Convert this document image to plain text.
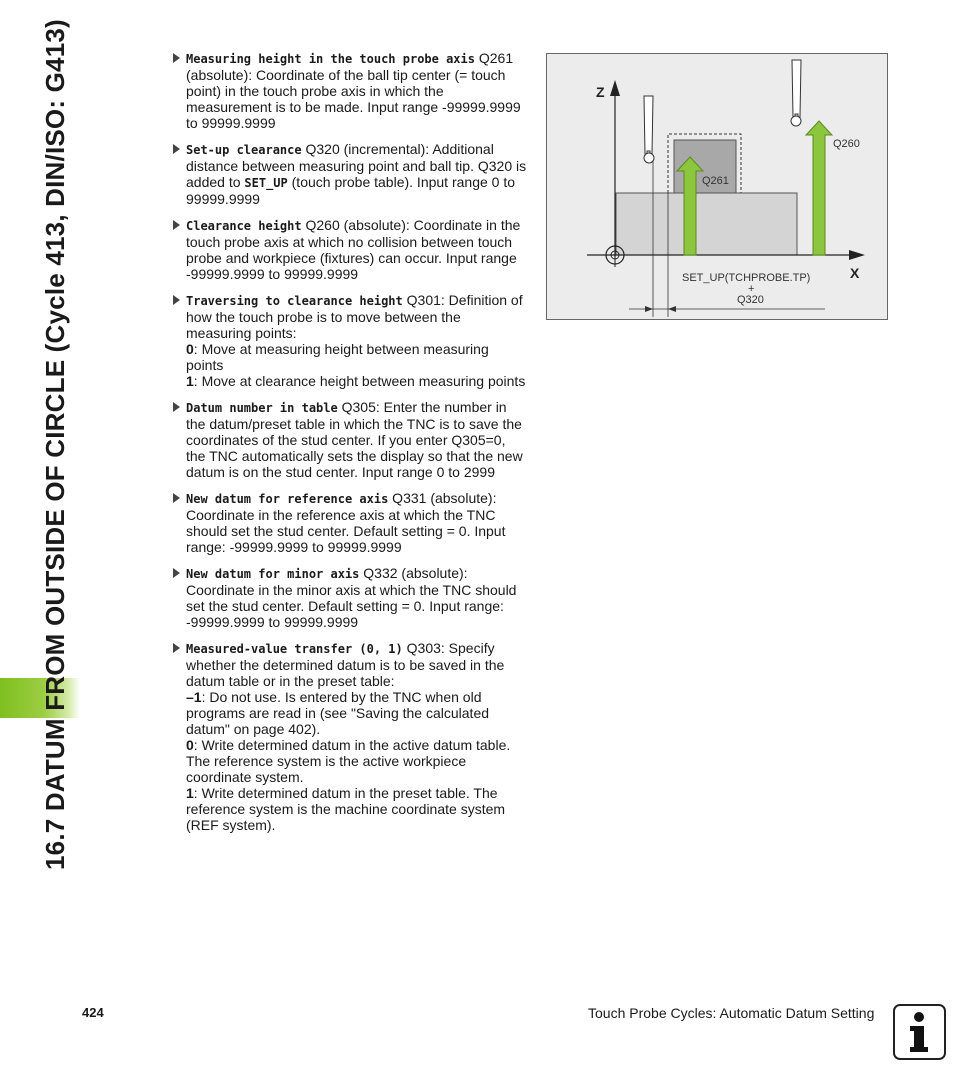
16.7 DATUM FROM OUTSIDE OF CIRCLE (Cycle 413, DIN/ISO: G413)	Measuring height in the touch probe axis Q261 (absolute): Coordinate of the ball tip center (= touch point) in the touch probe axis in which the measurement is to be made. Input range -99999.9999 to 99999.9999
Set-up clearance Q320 (incremental): Additional distance between measuring point and ball tip. Q320 is added to SET_UP (touch probe table). Input range 0 to 99999.9999
Clearance height Q260 (absolute): Coordinate in the touch probe axis at which no collision between touch probe and workpiece (fixtures) can occur. Input range -99999.9999 to 99999.9999
Traversing to clearance height Q301: Definition of how the touch probe is to move between the measuring points:
0: Move at measuring height between measuring points
1: Move at clearance height between measuring points
Datum number in table Q305: Enter the number in the datum/preset table in which the TNC is to save the coordinates of the stud center. If you enter Q305=0, the TNC automatically sets the display so that the new datum is on the stud center. Input range 0 to 2999
New datum for reference axis Q331 (absolute): Coordinate in the reference axis at which the TNC should set the stud center. Default setting = 0. Input range: -99999.9999 to 99999.9999
New datum for minor axis Q332 (absolute): Coordinate in the minor axis at which the TNC should set the stud center. Default setting = 0. Input range: -99999.9999 to 99999.9999
Measured-value transfer (0, 1) Q303: Specify whether the determined datum is to be saved in the datum table or in the preset table:
–1: Do not use. Is entered by the TNC when old programs are read in (see "Saving the calculated datum" on page 402).
0: Write determined datum in the active datum table. The reference system is the active workpiece coordinate system.
1: Write determined datum in the preset table. The reference system is the machine coordinate system (REF system).
Z
X
Q260
Q261
SET_UP(TCHPROBE.TP)
+
Q320
424	Touch Probe Cycles: Automatic Datum Setting
